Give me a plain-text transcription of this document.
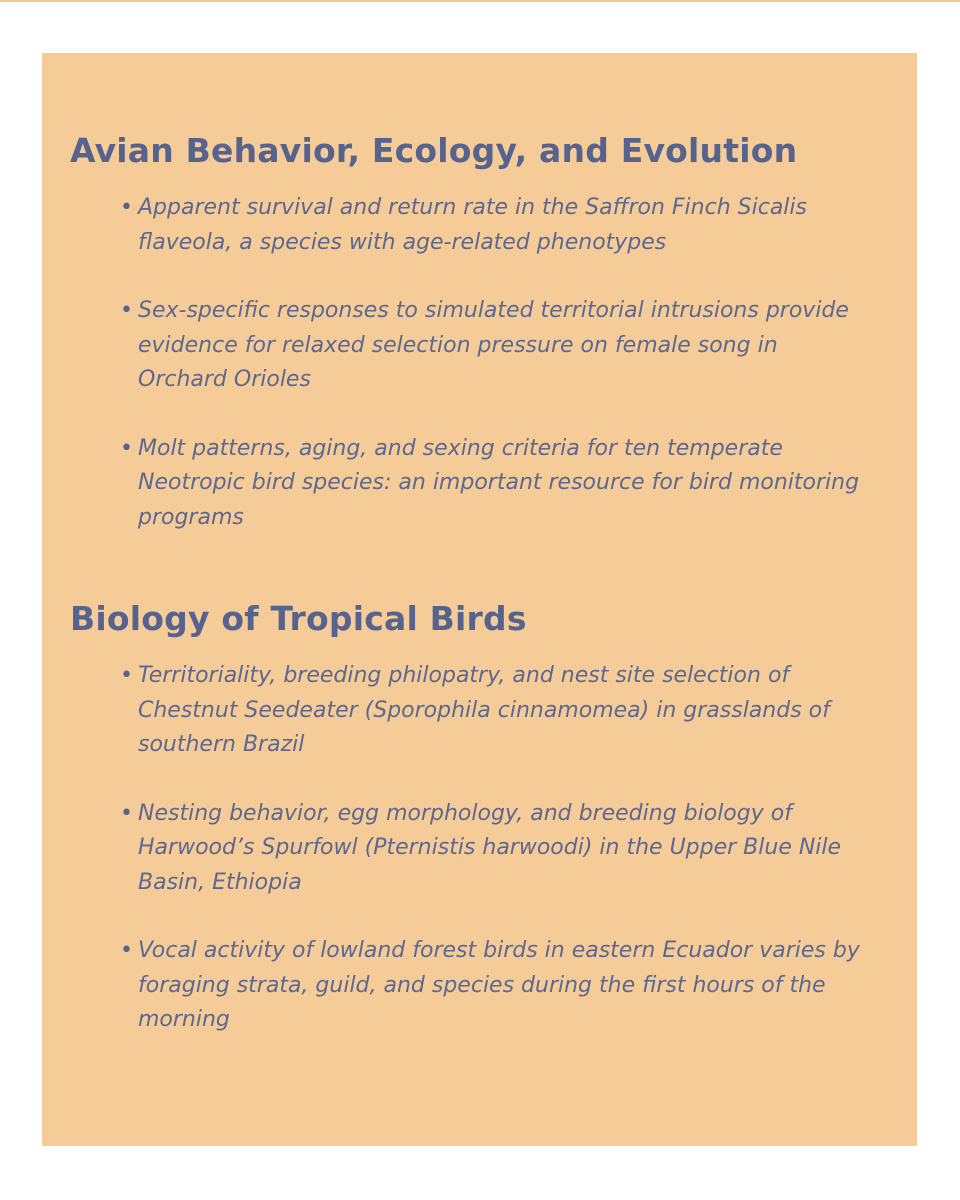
Avian Behavior, Ecology, and Evolution
• Apparent survival and return rate in the Saffron Finch Sicalis flaveola, a species with age-related phenotypes

• Sex-specific responses to simulated territorial intrusions provide evidence for relaxed selection pressure on female song in Orchard Orioles

• Molt patterns, aging, and sexing criteria for ten temperate Neotropic bird species: an important resource for bird monitoring programs

Biology of Tropical Birds
• Territoriality, breeding philopatry, and nest site selection of Chestnut Seedeater (Sporophila cinnamomea) in grasslands of southern Brazil

• Nesting behavior, egg morphology, and breeding biology of Harwood’s Spurfowl (Pternistis harwoodi) in the Upper Blue Nile Basin, Ethiopia

• Vocal activity of lowland forest birds in eastern Ecuador varies by foraging strata, guild, and species during the first hours of the morning
